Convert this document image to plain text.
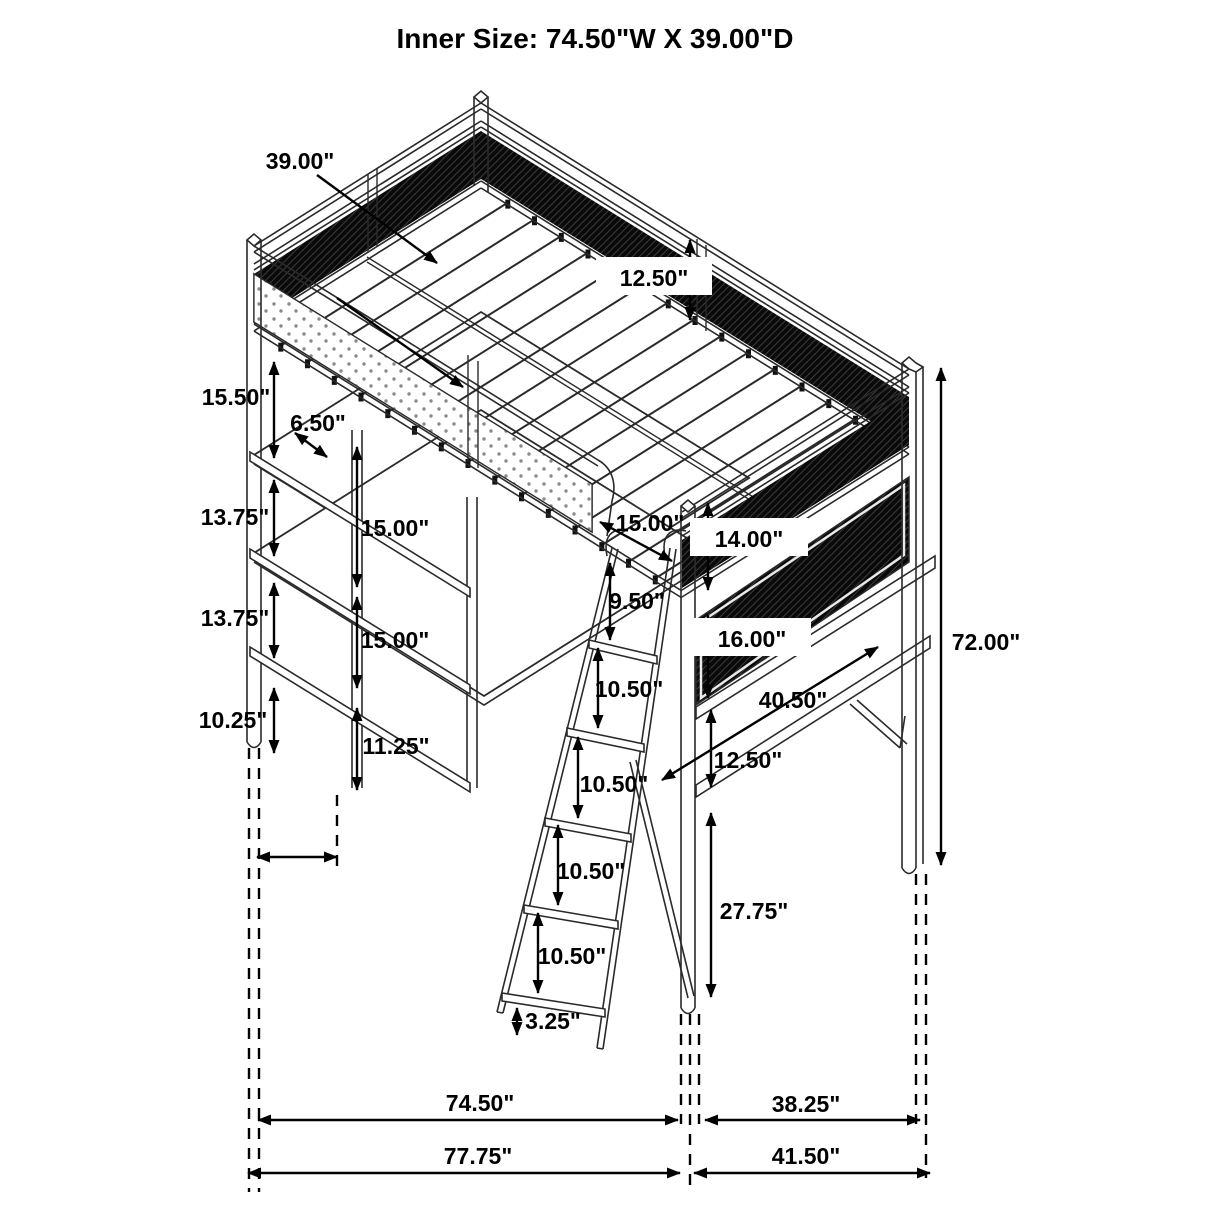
Inner Size: 74.50"W X 39.00"D
39.00"
12.50"
15.50"
6.50"
13.75"	15.00"	15.00"
14.00"
13.75"
15.00"
9.50"
16.00"
10.25"
10.50"
11.25"
40.50"
12.50"
10.50"
10.50"
27.75"
10.50"
3.25"
72.00"
74.50"	38.25"
77.75"	41.50"
